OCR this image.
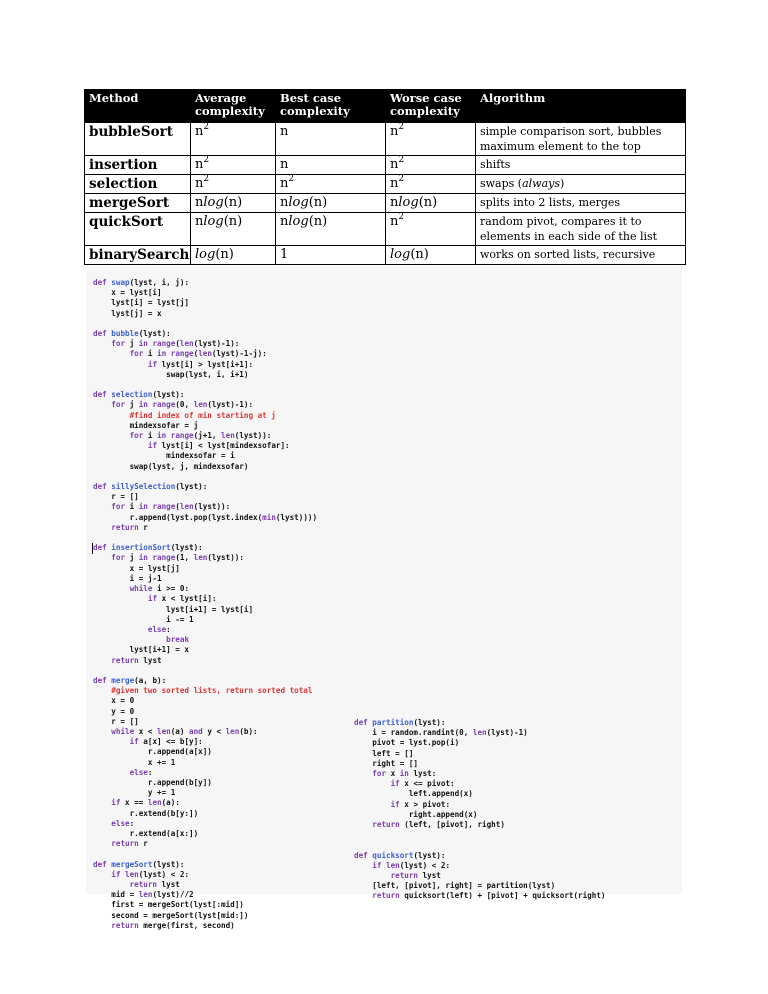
Method	Average complexity	Best case complexity	Worse case complexity	Algorithm
bubbleSort	$n^2$	n	$n^2$	simple comparison sort, bubbles maximum element to the top
insertion	$n^2$	n	$n^2$	shifts
selection	$n^2$	$n^2$	$n^2$	swaps (always)
mergeSort	nlog(n)	nlog(n)	nlog(n)	splits into 2 lists, merges
quickSort	nlog(n)	nlog(n)	$n^2$	random pivot, compares it to elements in each side of the list
binarySearch	log(n)	1	log(n)	works on sorted lists, recursive
def swap(lyst, i, j):
x = lyst[i]
lyst[i] = lyst[j]
lyst[j] = x

def bubble(lyst):
for j in range(len(lyst)-1):
for i in range(len(lyst)-1-j):
if lyst[i] > lyst[i+1]:
swap(lyst, i, i+1)

def selection(lyst):
for j in range(0, len(lyst)-1):
#find index of min starting at j
mindexsofar = j
for i in range(j+1, len(lyst)):
if lyst[i] < lyst[mindexsofar]:
mindexsofar = i
swap(lyst, j, mindexsofar)

def sillySelection(lyst):
r = []
for i in range(len(lyst)):
r.append(lyst.pop(lyst.index(min(lyst))))
return r

def insertionSort(lyst):
for j in range(1, len(lyst)):
x = lyst[j]
i = j-1
while i >= 0:
if x < lyst[i]:
lyst[i+1] = lyst[i]
i -= 1
else:
break
lyst[i+1] = x
return lyst

def merge(a, b):
#given two sorted lists, return sorted total
x = 0
y = 0
r = []
while x < len(a) and y < len(b):
if a[x] <= b[y]:
r.append(a[x])
x += 1
else:
r.append(b[y])
y += 1
if x == len(a):
r.extend(b[y:])
else:
r.extend(a[x:])
return r

def mergeSort(lyst):
if len(lyst) < 2:
return lyst
mid = len(lyst)//2
first = mergeSort(lyst[:mid])
second = mergeSort(lyst[mid:])
return merge(first, second)
def partition(lyst):
i = random.randint(0, len(lyst)-1)
pivot = lyst.pop(i)
left = []
right = []
for x in lyst:
if x <= pivot:
left.append(x)
if x > pivot:
right.append(x)
return (left, [pivot], right)

def quicksort(lyst):
if len(lyst) < 2:
return lyst
[left, [pivot], right] = partition(lyst)
return quicksort(left) + [pivot] + quicksort(right)
